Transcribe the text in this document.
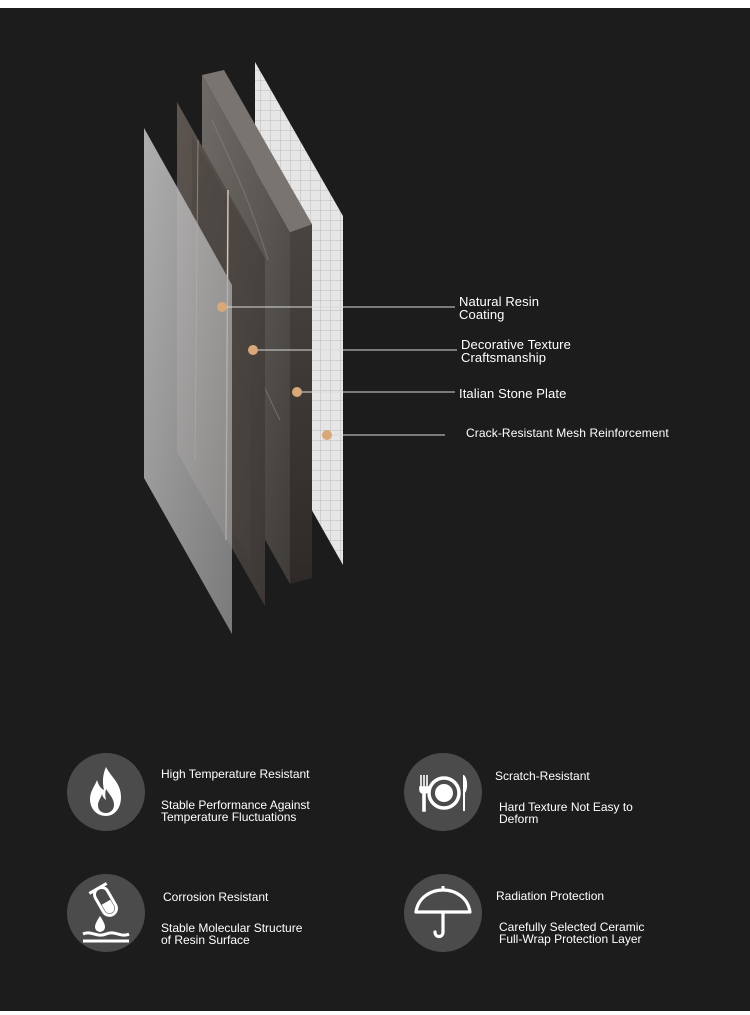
Natural Resin
Coating
Decorative Texture
Craftsmanship
Italian Stone Plate
Crack-Resistant Mesh Reinforcement
High Temperature Resistant
Stable Performance Against
Temperature Fluctuations
Scratch-Resistant
Hard Texture Not Easy to
Deform
Corrosion Resistant
Stable Molecular Structure
of Resin Surface
Radiation Protection
Carefully Selected Ceramic
Full-Wrap Protection Layer
